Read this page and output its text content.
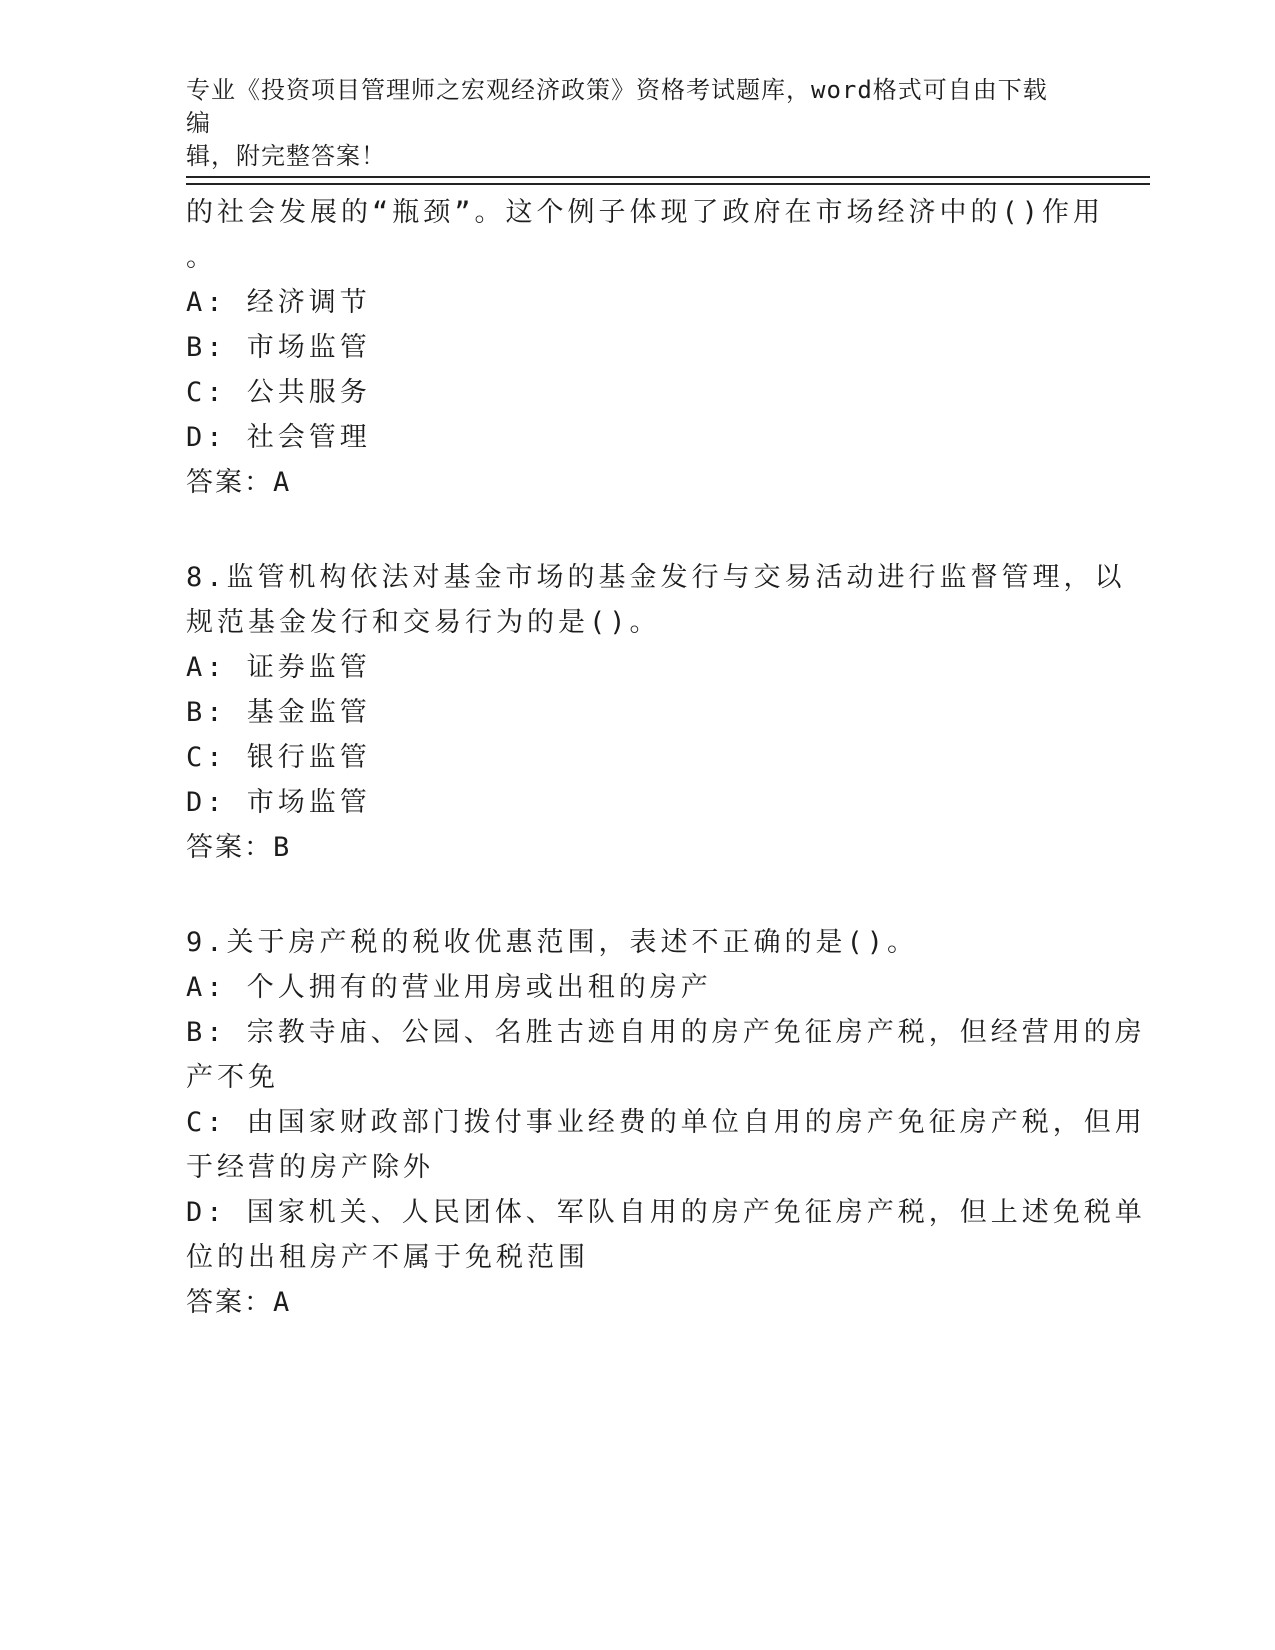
专业《投资项目管理师之宏观经济政策》资格考试题库，word格式可自由下载编
辑，附完整答案！
的社会发展的“瓶颈”。这个例子体现了政府在市场经济中的()作用
。
A: 经济调节
B: 市场监管
C: 公共服务
D: 社会管理
答案：A
8.监管机构依法对基金市场的基金发行与交易活动进行监督管理，以
规范基金发行和交易行为的是()。
A: 证券监管
B: 基金监管
C: 银行监管
D: 市场监管
答案：B
9.关于房产税的税收优惠范围，表述不正确的是()。
A: 个人拥有的营业用房或出租的房产
B: 宗教寺庙、公园、名胜古迹自用的房产免征房产税，但经营用的房
产不免
C: 由国家财政部门拨付事业经费的单位自用的房产免征房产税，但用
于经营的房产除外
D: 国家机关、人民团体、军队自用的房产免征房产税，但上述免税单
位的出租房产不属于免税范围
答案：A
